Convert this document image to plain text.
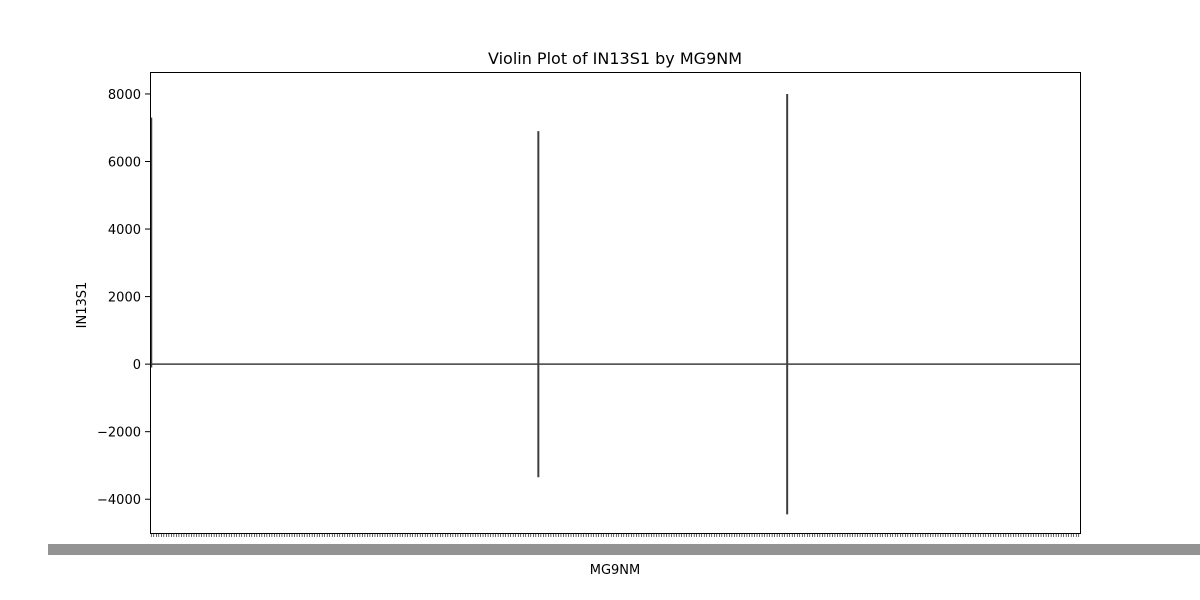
Violin Plot of IN13S1 by MG9NM
−4000
−2000
0
2000
4000
6000
8000
MG9NM
IN13S1
